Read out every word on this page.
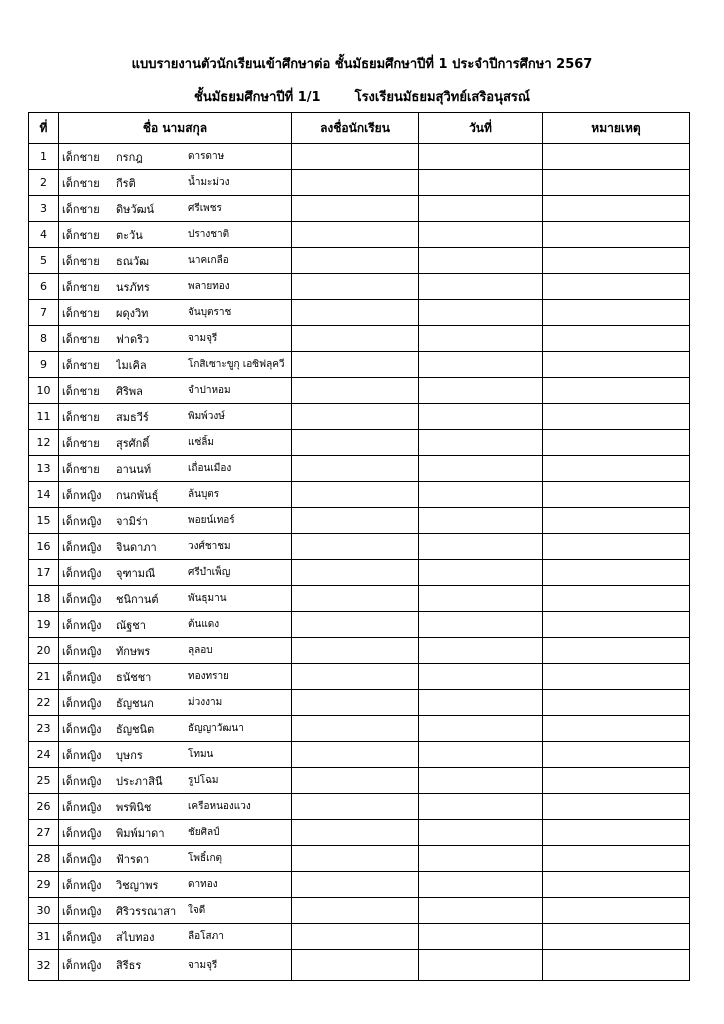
แบบรายงานตัวนักเรียนเข้าศึกษาต่อ ชั้นมัธยมศึกษาปีที่ 1 ประจำปีการศึกษา 2567
ชั้นมัธยมศึกษาปีที่ 1/1	โรงเรียนมัธยมสุวิทย์เสริอนุสรณ์
ที่	ชื่อ นามสกุล	ลงชื่อนักเรียน	วันที่	หมายเหตุ
1	เด็กชาย กรกฎ ดารดาษ			
2	เด็กชาย กีรติ น้ำมะม่วง			
3	เด็กชาย ดิษวัฒน์ ศรีเพชร			
4	เด็กชาย ตะวัน ปรางชาติ			
5	เด็กชาย ธณวัฒ นาคเกลือ			
6	เด็กชาย นรภัทร พลายทอง			
7	เด็กชาย ผดุงวิท จันบุตราช			
8	เด็กชาย ฟาดริว จามจุรี			
9	เด็กชาย ไมเคิล โกสิเซาะขูกุ เอซิฟลุควี			
10	เด็กชาย ศิริพล จำปาหอม			
11	เด็กชาย สมธวีร์ พิมพ์วงษ์			
12	เด็กชาย สุรศักดิ์ แซ่ลิ้ม			
13	เด็กชาย อานนท์ เถื่อนเมือง			
14	เด็กหญิง กนกพันธุ์ ล้นบุตร			
15	เด็กหญิง จามิร่า พอยน์เทอร์			
16	เด็กหญิง จินดาภา วงศ์ชาชม			
17	เด็กหญิง จุฑามณี ศรีบำเพ็ญ			
18	เด็กหญิง ชนิกานต์ พันธุมาน			
19	เด็กหญิง ณัฐชา ต้นแดง			
20	เด็กหญิง ทักษพร ลุลอบ			
21	เด็กหญิง ธนัชชา ทองทราย			
22	เด็กหญิง ธัญชนก ม่วงงาม			
23	เด็กหญิง ธัญชนิต ธัญญาวัฒนา			
24	เด็กหญิง บุษกร โทมน			
25	เด็กหญิง ประภาสินี รูปโฉม			
26	เด็กหญิง พรพินิช เครือหนองแวง			
27	เด็กหญิง พิมพ์มาดา ชัยศิลป์			
28	เด็กหญิง ฟ้ารดา โพธิ์เกตุ			
29	เด็กหญิง วิชญาพร ดาทอง			
30	เด็กหญิง ศิริวรรณาสา ใจดี			
31	เด็กหญิง สไบทอง ลือโสภา			
32	เด็กหญิง สิรีธร จามจุรี			
